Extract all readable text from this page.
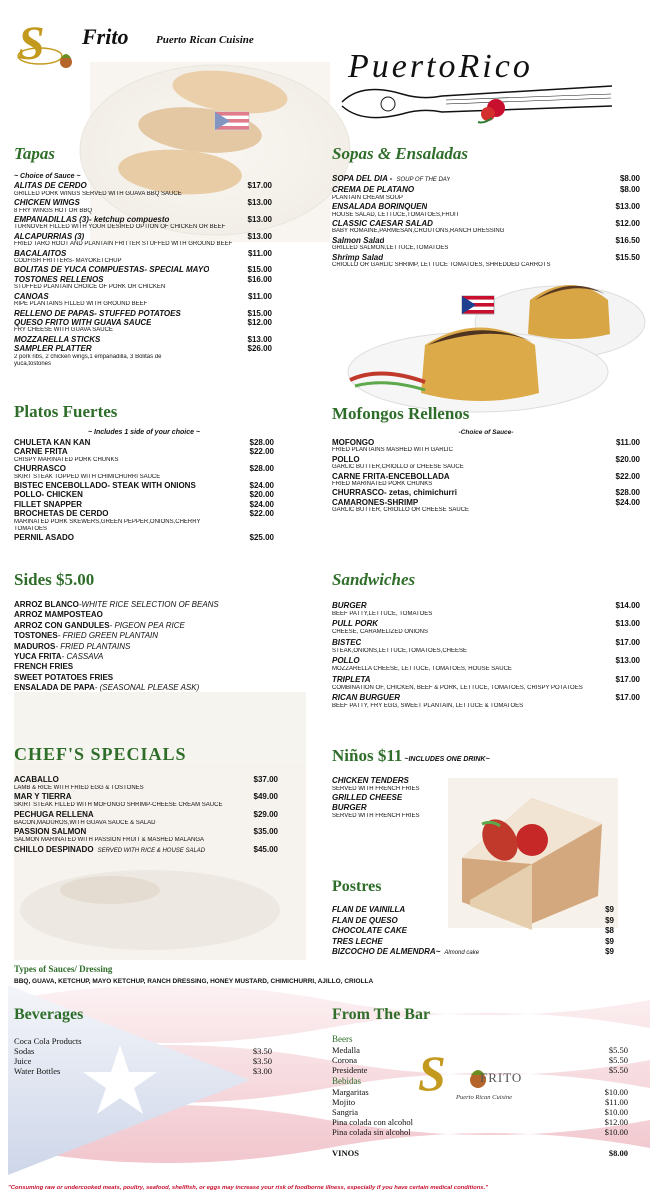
S Frito	Puerto Rican Cuisine
PuertoRico
Tapas
~ Choice of Sauce ~
ALITAS DE CERDO	$17.00
GRILLED PORK WINGS SERVED WITH GUAVA BBQ SAUCE
CHICKEN WINGS	$13.00
8 FRY WINGS HOT OR BBQ
EMPANADILLAS (3)- ketchup compuesto	$13.00
TURNOVER FILLED WITH YOUR DESIRED OPTION OF CHICKEN OR BEEF
ALCAPURRIAS (3)	$13.00
FRIED TARO ROOT AND PLANTAIN FRITTER STUFFED WITH GROUND BEEF
BACALAITOS	$11.00
CODFISH FRITTERS- MAYOKETCHUP
BOLITAS DE YUCA COMPUESTAS- SPECIAL MAYO	$15.00
TOSTONES RELLENOS	$16.00
STUFFED PLANTAIN CHOICE OF PORK OR CHICKEN
CANOAS	$11.00
RIPE PLANTAINS FILLED WITH GROUND BEEF
RELLENO DE PAPAS- STUFFED POTATOES	$15.00
QUESO FRITO WITH GUAVA SAUCE	$12.00
FRY CHEESE WITH GUAVA SAUCE
MOZZARELLA STICKS	$13.00
SAMPLER PLATTER	$26.00
2 pork ribs, 2 chicken wings,1 empanadilla, 3 Bolitas de
yuca,tostones
Sopas & Ensaladas
SOPA DEL DIA - SOUP OF THE DAY	$8.00
CREMA DE PLATANO	$8.00
PLANTAIN CREAM SOUP
ENSALADA BORINQUEN	$13.00
HOUSE SALAD, LETTUCE,TOMATOES,FRUIT
CLASSIC CAESAR SALAD	$12.00
BABY ROMAINE,PARMESAN,CROUTONS,RANCH DRESSING
Salmon Salad	$16.50
GRILLED SALMON,LETTUCE,TOMATOES
Shrimp Salad	$15.50
CRIOLLO OR GARLIC SHRIMP, LETTUCE TOMATOES, SHREDDED CARROTS
Platos Fuertes
~ Includes 1 side of your choice ~
CHULETA KAN KAN	$28.00
CARNE FRITA	$22.00
CRISPY MARINATED PORK CHUNKS
CHURRASCO	$28.00
SKIRT STEAK TOPPED WITH CHIMICHURRI SAUCE
BISTEC ENCEBOLLADO- STEAK WITH ONIONS	$24.00
POLLO- CHICKEN	$20.00
FILLET SNAPPER	$24.00
BROCHETAS DE CERDO	$22.00
MARINATED PORK SKEWERS,GREEN PEPPER,ONIONS,CHERRY
TOMATOES
PERNIL ASADO	$25.00
Mofongos Rellenos
-Choice of Sauce-
MOFONGO	$11.00
FRIED PLANTAINS MASHED WITH GARLIC
POLLO	$20.00
GARLIC BUTTER,CRIOLLO or CHEESE SAUCE
CARNE FRITA-ENCEBOLLADA	$22.00
FRIED MARINATED PORK CHUNKS
CHURRASCO- zetas, chimichurri	$28.00
CAMARONES-SHRIMP	$24.00
GARLIC BUTTER, CRIOLLO OR CHEESE SAUCE
Sides $5.00
ARROZ BLANCO-WHITE RICE SELECTION OF BEANS
ARROZ MAMPOSTEAO
ARROZ CON GANDULES- PIGEON PEA RICE
TOSTONES- FRIED GREEN PLANTAIN
MADUROS- FRIED PLANTAINS
YUCA FRITA- CASSAVA
FRENCH FRIES
SWEET POTATOES FRIES
ENSALADA DE PAPA- (SEASONAL PLEASE ASK)
Sandwiches
BURGER	$14.00
BEEF PATTY,LETTUCE, TOMATOES
PULL PORK	$13.00
CHEESE, CARAMELIZED ONIONS
BISTEC	$17.00
STEAK,ONIONS,LETTUCE,TOMATOES,CHEESE
POLLO	$13.00
MOZZARELLA CHEESE, LETTUCE, TOMATOES, HOUSE SAUCE
TRIPLETA	$17.00
COMBINATION OF, CHICKEN, BEEF & PORK, LETTUCE, TOMATOES, CRISPY POTATOES
RICAN BURGUER	$17.00
BEEF PATTY, FRY EGG, SWEET PLANTAIN, LETTUCE & TOMATOES
CHEF'S SPECIALS
ACABALLO	$37.00
LAMB & RICE WITH FRIED EGG & TOSTONES
MAR Y TIERRA	$49.00
SKIRT STEAK FILLED WITH MOFONGO SHRIMP-CHEESE CREAM SAUCE
PECHUGA RELLENA	$29.00
BACON,MADUROS,WITH GUAVA SAUCE & SALAD
PASSION SALMON	$35.00
SALMON MARINATED WITH PASSION FRUIT & MASHED MALANGA
CHILLO DESPINADO SERVED WITH RICE & HOUSE SALAD	$45.00
Niños $11 ~INCLUDES ONE DRINK~
CHICKEN TENDERS
SERVED WITH FRENCH FRIES
GRILLED CHEESE
BURGER
SERVED WITH FRENCH FRIES
Postres
FLAN DE VAINILLA	$9
FLAN DE QUESO	$9
CHOCOLATE CAKE	$8
TRES LECHE	$9
BIZCOCHO DE ALMENDRA~ Almond cake	$9
Types of Sauces/ Dressing
BBQ, GUAVA, KETCHUP, MAYO KETCHUP, RANCH DRESSING, HONEY MUSTARD, CHIMICHURRI, AJILLO, CRIOLLA
Beverages
Coca Cola Products
Sodas	$3.50
Juice	$3.50
Water Bottles	$3.00
From The Bar
Beers
Medalla	$5.50
Corona	$5.50
Presidente	$5.50
Bebidas
Margaritas	$10.00
Mojito	$11.00
Sangria	$10.00
Pina colada con alcohol	$12.00
Pina colada sin alcohol	$10.00
VINOS	$8.00
S	FRITO
Puerto Rican Cuisine
"Consuming raw or undercooked meats, poultry, seafood, shellfish, or eggs may increase your risk of foodborne illness, especially if you have certain medical conditions."
